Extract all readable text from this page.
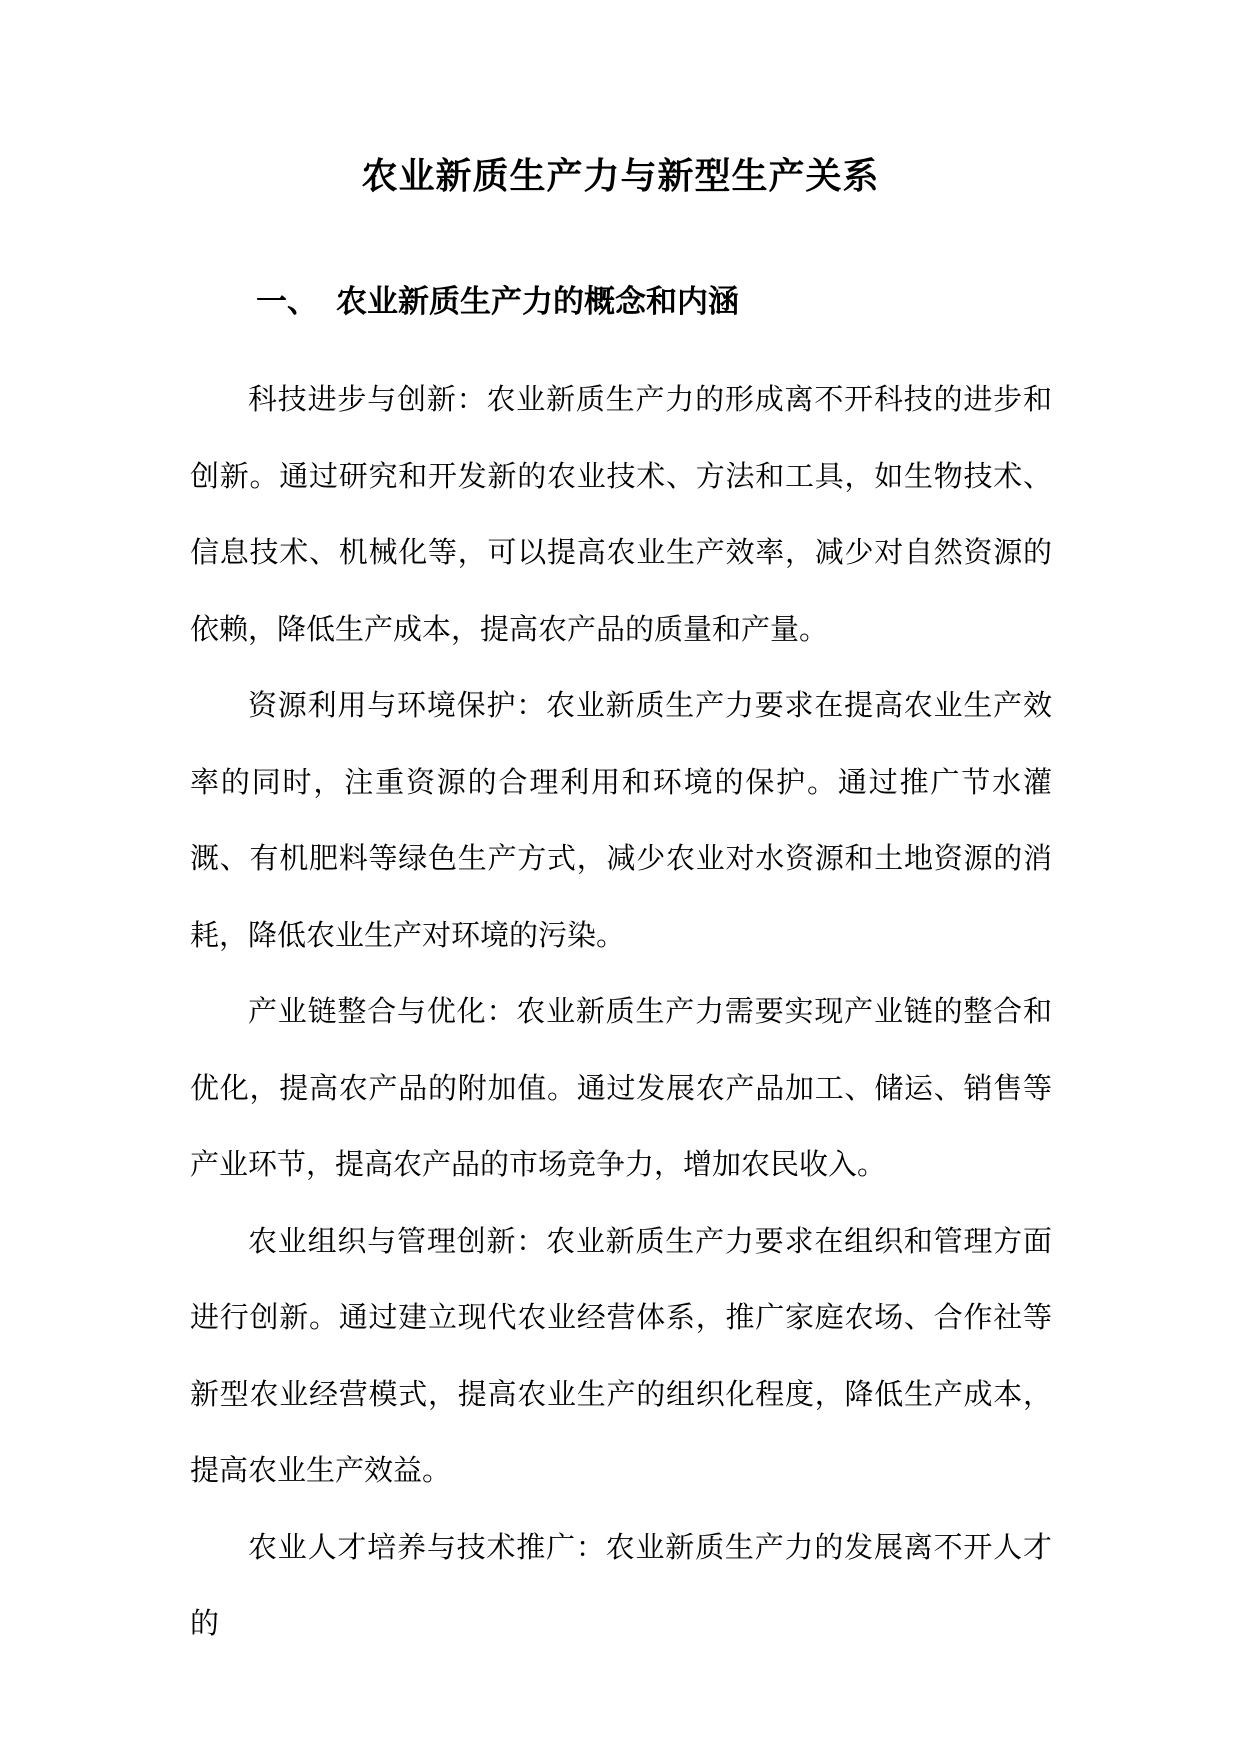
农业新质生产力与新型生产关系
一、 农业新质生产力的概念和内涵

科技进步与创新：农业新质生产力的形成离不开科技的进步和创新。通过研究和开发新的农业技术、方法和工具，如生物技术、信息技术、机械化等，可以提高农业生产效率，减少对自然资源的依赖，降低生产成本，提高农产品的质量和产量。

资源利用与环境保护：农业新质生产力要求在提高农业生产效率的同时，注重资源的合理利用和环境的保护。通过推广节水灌溉、有机肥料等绿色生产方式，减少农业对水资源和土地资源的消耗，降低农业生产对环境的污染。

产业链整合与优化：农业新质生产力需要实现产业链的整合和优化，提高农产品的附加值。通过发展农产品加工、储运、销售等产业环节，提高农产品的市场竞争力，增加农民收入。

农业组织与管理创新：农业新质生产力要求在组织和管理方面进行创新。通过建立现代农业经营体系，推广家庭农场、合作社等新型农业经营模式，提高农业生产的组织化程度，降低生产成本，提高农业生产效益。

农业人才培养与技术推广：农业新质生产力的发展离不开人才的
